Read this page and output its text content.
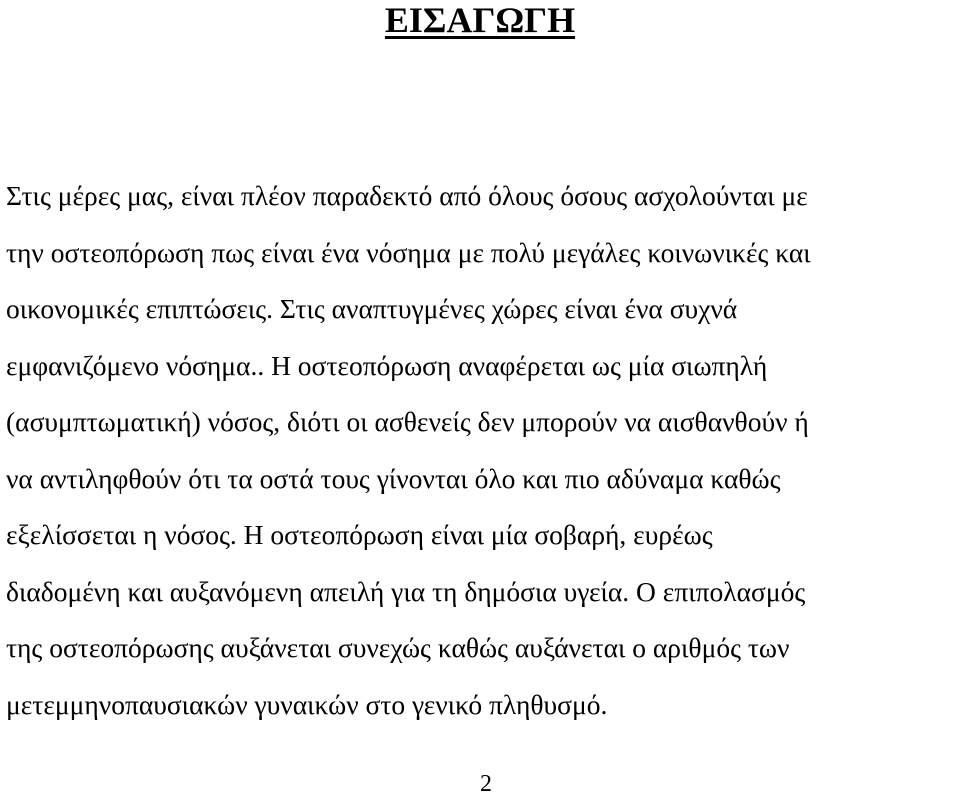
ΕΙΣΑΓΩΓΗ
Στις μέρες μας, είναι πλέον παραδεκτό από όλους όσους ασχολούνται με
την οστεοπόρωση πως είναι ένα νόσημα με πολύ μεγάλες κοινωνικές και
οικονομικές επιπτώσεις. Στις αναπτυγμένες χώρες είναι ένα συχνά
εμφανιζόμενο νόσημα.. Η οστεοπόρωση αναφέρεται ως μία σιωπηλή
(ασυμπτωματική) νόσος, διότι οι ασθενείς δεν μπορούν να αισθανθούν ή
να αντιληφθούν ότι τα οστά τους γίνονται όλο και πιο αδύναμα καθώς
εξελίσσεται η νόσος. Η οστεοπόρωση είναι μία σοβαρή, ευρέως
διαδομένη και αυξανόμενη απειλή για τη δημόσια υγεία. Ο επιπολασμός
της οστεοπόρωσης αυξάνεται συνεχώς καθώς αυξάνεται ο αριθμός των
μετεμμηνοπαυσιακών γυναικών στο γενικό πληθυσμό.
2
